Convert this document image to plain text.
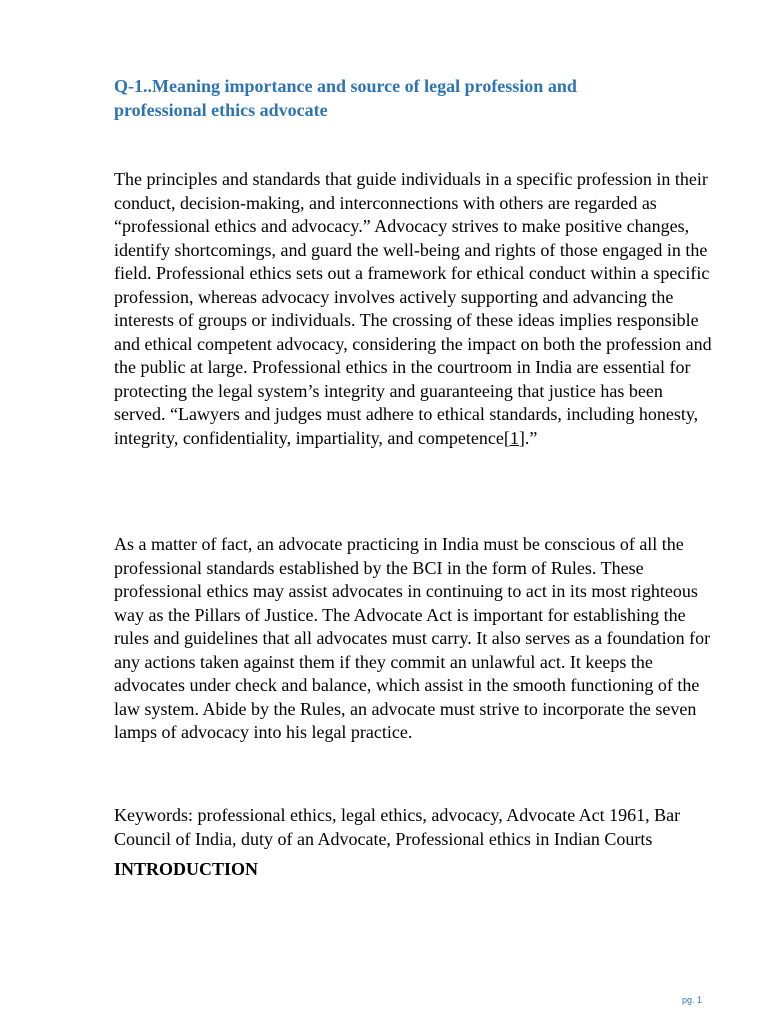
Q-1..Meaning importance and source of legal profession and
professional ethics advocate

The principles and standards that guide individuals in a specific profession in their conduct, decision-making, and interconnections with others are regarded as “professional ethics and advocacy.” Advocacy strives to make positive changes, identify shortcomings, and guard the well-being and rights of those engaged in the field. Professional ethics sets out a framework for ethical conduct within a specific profession, whereas advocacy involves actively supporting and advancing the interests of groups or individuals. The crossing of these ideas implies responsible and ethical competent advocacy, considering the impact on both the profession and the public at large. Professional ethics in the courtroom in India are essential for protecting the legal system’s integrity and guaranteeing that justice has been served. “Lawyers and judges must adhere to ethical standards, including honesty, integrity, confidentiality, impartiality, and competence[1].”

As a matter of fact, an advocate practicing in India must be conscious of all the professional standards established by the BCI in the form of Rules. These professional ethics may assist advocates in continuing to act in its most righteous way as the Pillars of Justice. The Advocate Act is important for establishing the rules and guidelines that all advocates must carry. It also serves as a foundation for any actions taken against them if they commit an unlawful act. It keeps the advocates under check and balance, which assist in the smooth functioning of the law system. Abide by the Rules, an advocate must strive to incorporate the seven lamps of advocacy into his legal practice.

Keywords: professional ethics, legal ethics, advocacy, Advocate Act 1961, Bar Council of India, duty of an Advocate, Professional ethics in Indian Courts

INTRODUCTION
pg. 1
